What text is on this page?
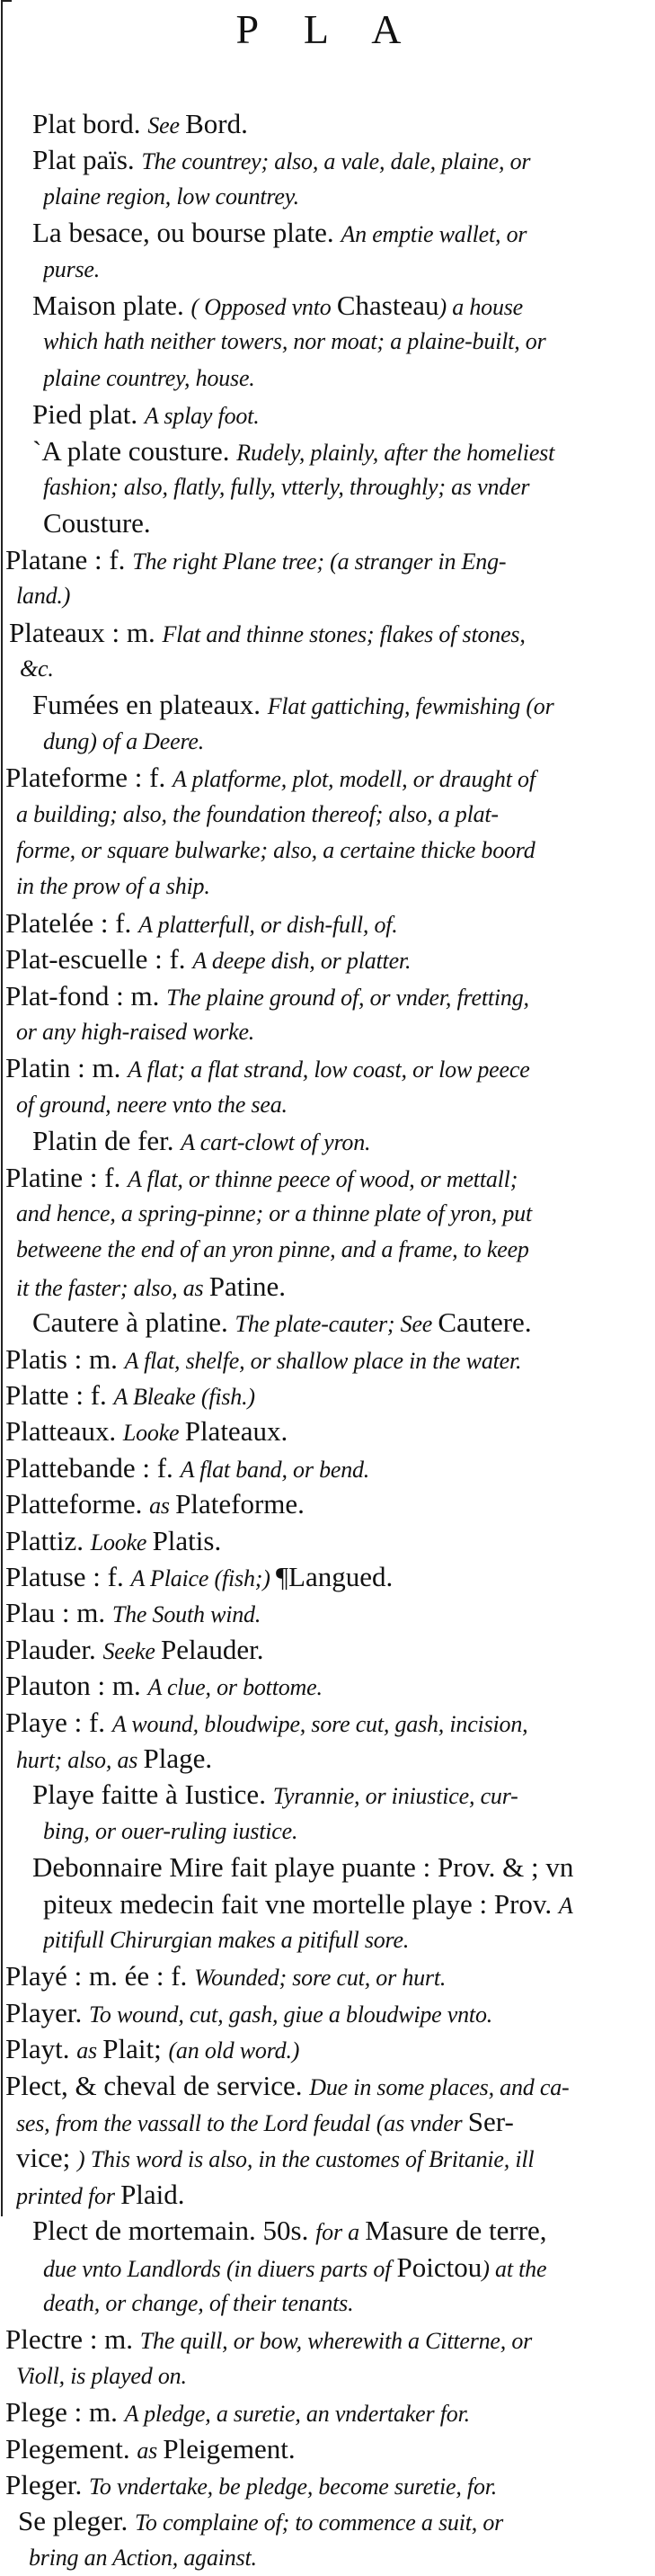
P L A
Plat bord. See Bord.
Plat païs. The countrey; also, a vale, dale, plaine, or
plaine region, low countrey.
La besace, ou bourse plate. An emptie wallet, or
purse.
Maison plate. ( Opposed vnto Chasteau) a house
which hath neither towers, nor moat; a plaine-built, or
plaine countrey, house.
Pied plat. A splay foot.
`A plate cousture. Rudely, plainly, after the homeliest
fashion; also, flatly, fully, vtterly, throughly; as vnder
Cousture.
Platane : f. The right Plane tree; (a stranger in Eng-
land.)
Plateaux : m. Flat and thinne stones; flakes of stones,
&c.
Fumées en plateaux. Flat gattiching, fewmishing (or
dung) of a Deere.
Plateforme : f. A platforme, plot, modell, or draught of
a building; also, the foundation thereof; also, a plat-
forme, or square bulwarke; also, a certaine thicke boord
in the prow of a ship.
Platelée : f. A platterfull, or dish-full, of.
Plat-escuelle : f. A deepe dish, or platter.
Plat-fond : m. The plaine ground of, or vnder, fretting,
or any high-raised worke.
Platin : m. A flat; a flat strand, low coast, or low peece
of ground, neere vnto the sea.
Platin de fer. A cart-clowt of yron.
Platine : f. A flat, or thinne peece of wood, or mettall;
and hence, a spring-pinne; or a thinne plate of yron, put
betweene the end of an yron pinne, and a frame, to keep
it the faster; also, as Patine.
Cautere à platine. The plate-cauter; See Cautere.
Platis : m. A flat, shelfe, or shallow place in the water.
Platte : f. A Bleake (fish.)
Platteaux. Looke Plateaux.
Plattebande : f. A flat band, or bend.
Platteforme. as Plateforme.
Plattiz. Looke Platis.
Platuse : f. A Plaice (fish;) ¶Langued.
Plau : m. The South wind.
Plauder. Seeke Pelauder.
Plauton : m. A clue, or bottome.
Playe : f. A wound, bloudwipe, sore cut, gash, incision,
hurt; also, as Plage.
Playe faitte à Iustice. Tyrannie, or iniustice, cur-
bing, or ouer-ruling iustice.
Debonnaire Mire fait playe puante : Prov. & ; vn
piteux medecin fait vne mortelle playe : Prov. A
pitifull Chirurgian makes a pitifull sore.
Playé : m. ée : f. Wounded; sore cut, or hurt.
Player. To wound, cut, gash, giue a bloudwipe vnto.
Playt. as Plait; (an old word.)
Plect, & cheval de service. Due in some places, and ca-
ses, from the vassall to the Lord feudal (as vnder Ser-
vice; ) This word is also, in the customes of Britanie, ill
printed for Plaid.
Plect de mortemain. 50s. for a Masure de terre,
due vnto Landlords (in diuers parts of Poictou) at the
death, or change, of their tenants.
Plectre : m. The quill, or bow, wherewith a Citterne, or
Violl, is played on.
Plege : m. A pledge, a suretie, an vndertaker for.
Plegement. as Pleigement.
Pleger. To vndertake, be pledge, become suretie, for.
Se pleger. To complaine of; to commence a suit, or
bring an Action, against.
